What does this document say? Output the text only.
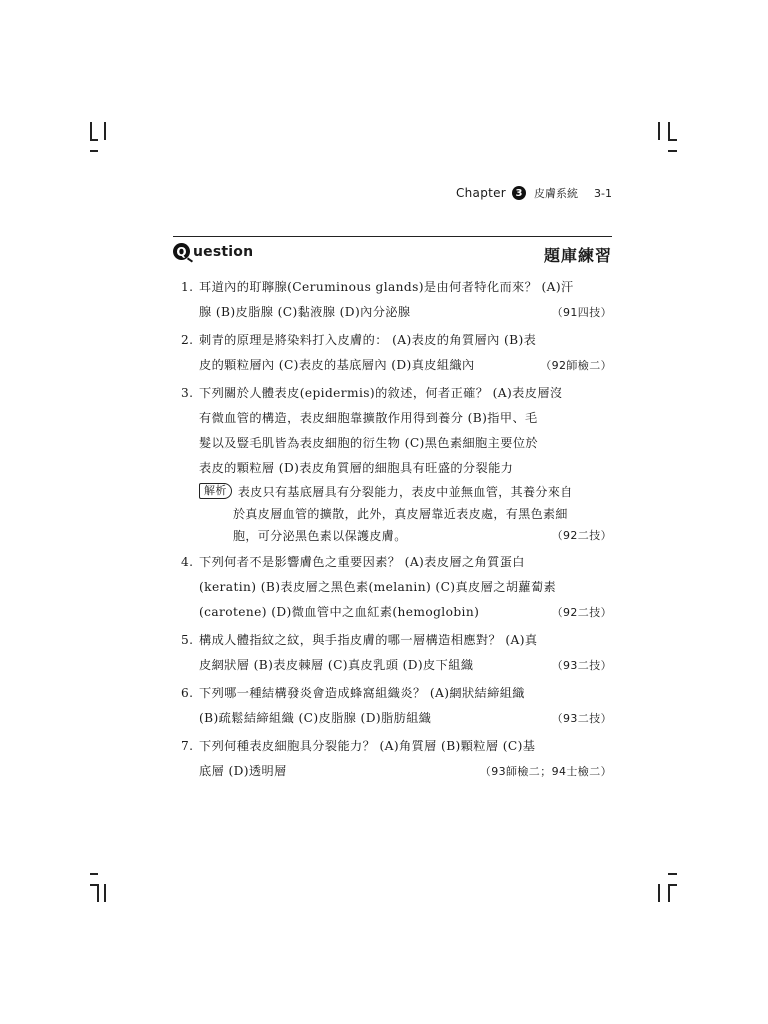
Chapter 3	皮膚系統 3-1
Q uestion	題庫練習
1. 耳道內的耵聹腺(Ceruminous glands)是由何者特化而來？ (A)汗
腺 (B)皮脂腺 (C)黏液腺 (D)內分泌腺	（91四技）
2. 刺青的原理是將染料打入皮膚的： (A)表皮的角質層內 (B)表
皮的顆粒層內 (C)表皮的基底層內 (D)真皮組織內	（92師檢二）
3. 下列關於人體表皮(epidermis)的敘述，何者正確？ (A)表皮層沒
有微血管的構造，表皮細胞靠擴散作用得到養分 (B)指甲、毛
髮以及豎毛肌皆為表皮細胞的衍生物 (C)黑色素細胞主要位於
表皮的顆粒層 (D)表皮角質層的細胞具有旺盛的分裂能力
解析 表皮只有基底層具有分裂能力，表皮中並無血管，其養分來自
於真皮層血管的擴散，此外，真皮層靠近表皮處，有黑色素細
胞，可分泌黑色素以保護皮膚。	（92二技）
4. 下列何者不是影響膚色之重要因素？ (A)表皮層之角質蛋白
(keratin) (B)表皮層之黑色素(melanin) (C)真皮層之胡蘿蔔素
(carotene) (D)微血管中之血紅素(hemoglobin)	（92二技）
5. 構成人體指紋之紋，與手指皮膚的哪一層構造相應對？ (A)真
皮網狀層 (B)表皮棘層 (C)真皮乳頭 (D)皮下組織	（93二技）
6. 下列哪一種結構發炎會造成蜂窩組織炎？ (A)網狀結締組織
(B)疏鬆結締組織 (C)皮脂腺 (D)脂肪組織	（93二技）
7. 下列何種表皮細胞具分裂能力？ (A)角質層 (B)顆粒層 (C)基
底層 (D)透明層	（93師檢二；94士檢二）
